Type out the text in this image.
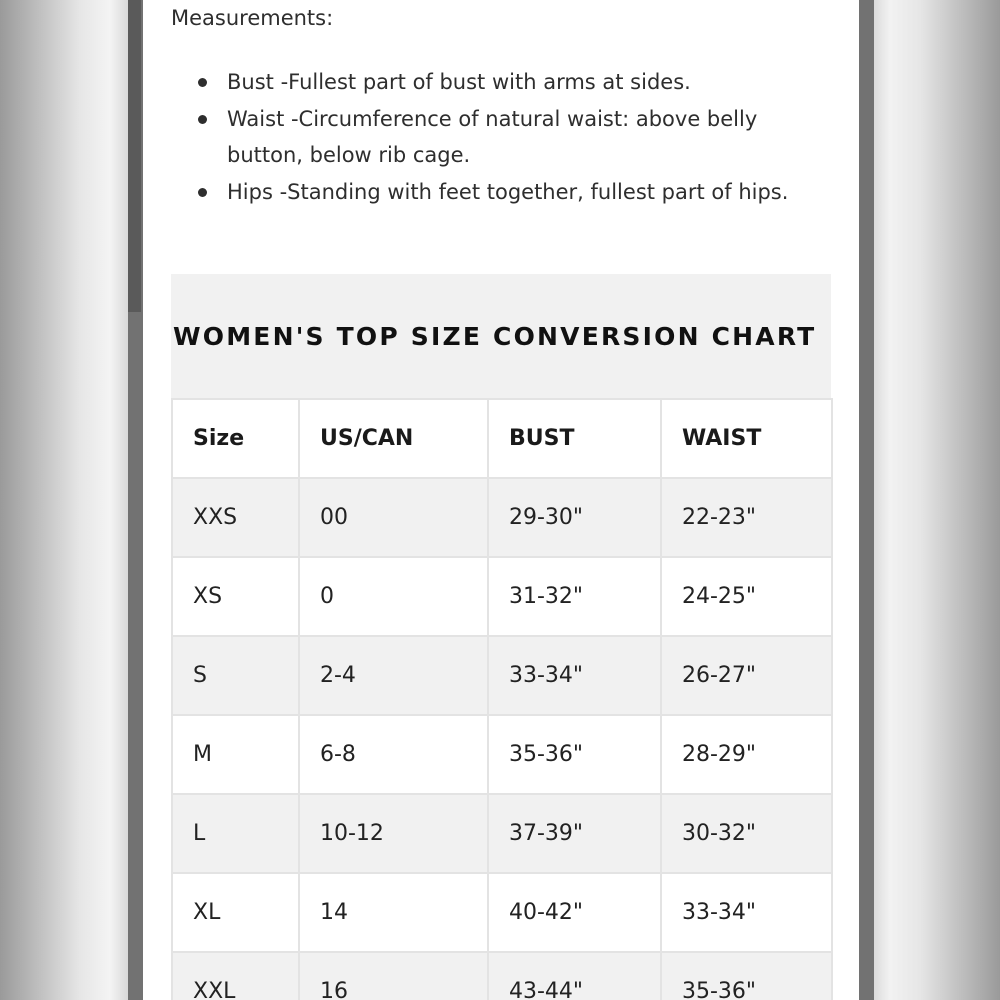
Measurements:
Bust -Fullest part of bust with arms at sides.
Waist -Circumference of natural waist: above belly button, below rib cage.
Hips -Standing with feet together, fullest part of hips.
WOMEN'S TOP SIZE CONVERSION CHART
Size	US/CAN	BUST	WAIST
XXS	00	29-30"	22-23"
XS	0	31-32"	24-25"
S	2-4	33-34"	26-27"
M	6-8	35-36"	28-29"
L	10-12	37-39"	30-32"
XL	14	40-42"	33-34"
XXL	16	43-44"	35-36"
